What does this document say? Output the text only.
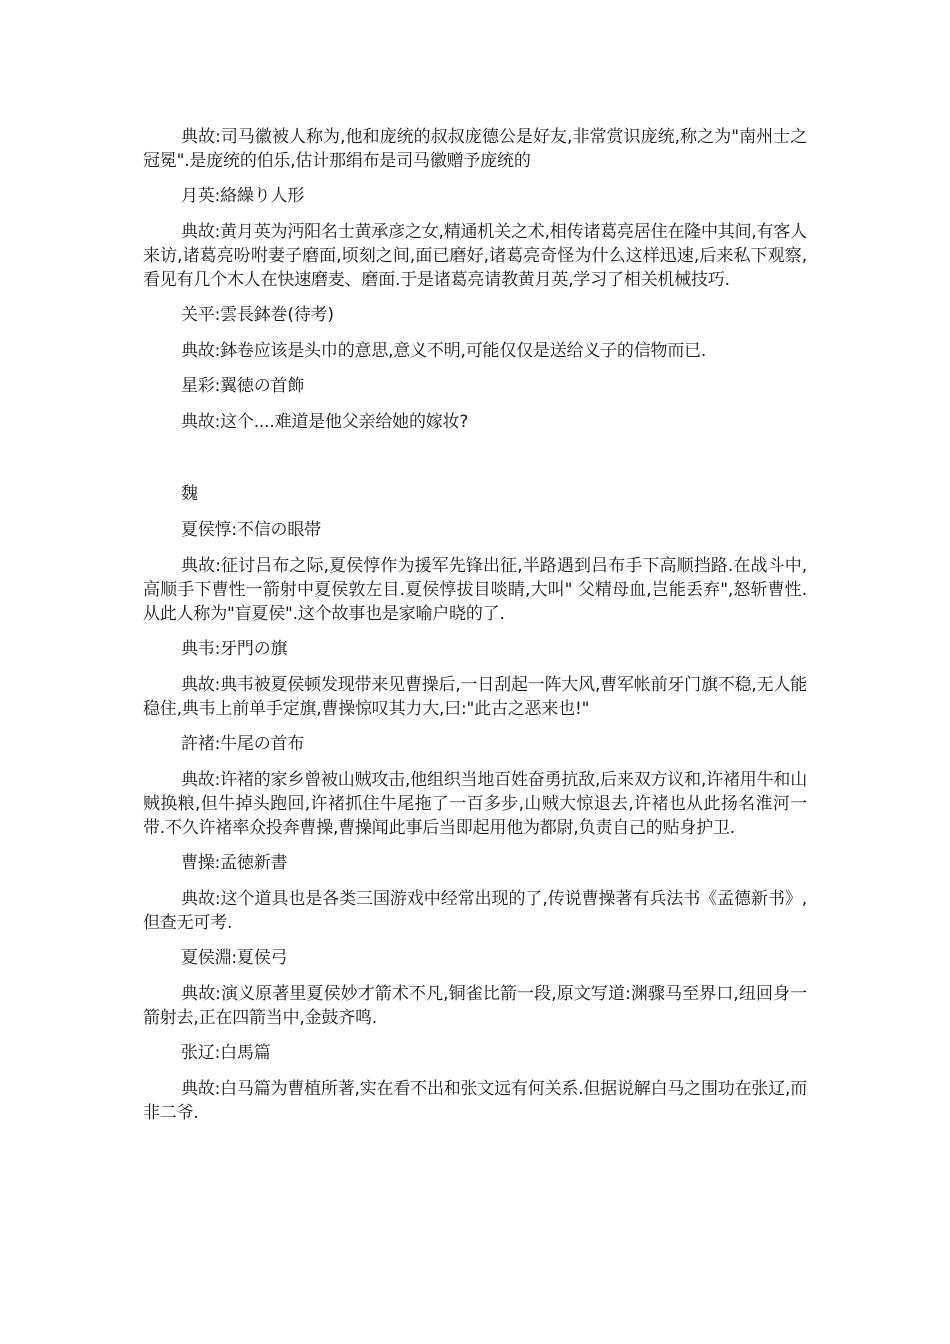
典故:司马徽被人称为,他和庞统的叔叔庞德公是好友,非常赏识庞统,称之为"南州士之冠冕".是庞统的伯乐,估计那绢布是司马徽赠予庞统的

月英:絡繰り人形

典故:黄月英为沔阳名士黄承彦之女,精通机关之术,相传诸葛亮居住在隆中其间,有客人来访,诸葛亮吩咐妻子磨面,顷刻之间,面已磨好,诸葛亮奇怪为什么这样迅速,后来私下观察,看见有几个木人在快速磨麦、磨面.于是诸葛亮请教黄月英,学习了相关机械技巧.

关平:雲長鉢巻(待考)

典故:鉢卷应该是头巾的意思,意义不明,可能仅仅是送给义子的信物而已.

星彩:翼徳の首飾

典故:这个....难道是他父亲给她的嫁妆?

魏

夏侯惇:不信の眼帯

典故:征讨吕布之际,夏侯惇作为援军先锋出征,半路遇到吕布手下高顺挡路.在战斗中,高顺手下曹性一箭射中夏侯敦左目.夏侯惇拔目啖睛,大叫" 父精母血,岂能丢弃",怒斩曹性.从此人称为"盲夏侯".这个故事也是家喻户晓的了.

典韦:牙門の旗

典故:典韦被夏侯顿发现带来见曹操后,一日刮起一阵大风,曹军帐前牙门旗不稳,无人能稳住,典韦上前单手定旗,曹操惊叹其力大,曰:"此古之恶来也!"

許褚:牛尾の首布

典故:许褚的家乡曾被山贼攻击,他组织当地百姓奋勇抗敌,后来双方议和,许褚用牛和山贼换粮,但牛掉头跑回,许褚抓住牛尾拖了一百多步,山贼大惊退去,许褚也从此扬名淮河一带.不久许褚率众投奔曹操,曹操闻此事后当即起用他为都尉,负责自己的贴身护卫.

曹操:孟徳新書

典故:这个道具也是各类三国游戏中经常出现的了,传说曹操著有兵法书《孟德新书》,但查无可考.

夏侯淵:夏侯弓

典故:演义原著里夏侯妙才箭术不凡,铜雀比箭一段,原文写道:渊骤马至界口,纽回身一箭射去,正在四箭当中,金鼓齐鸣.

张辽:白馬篇

典故:白马篇为曹植所著,实在看不出和张文远有何关系.但据说解白马之围功在张辽,而非二爷.
